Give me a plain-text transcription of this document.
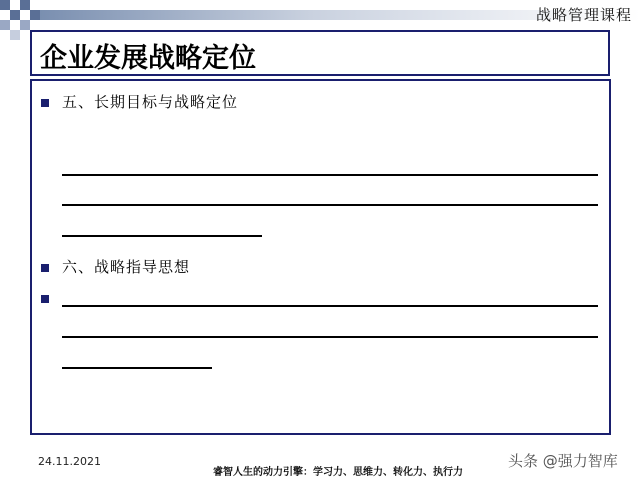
战略管理课程
企业发展战略定位
五、长期目标与战略定位
六、战略指导思想
24.11.2021
睿智人生的动力引擎：学习力、思维力、转化力、执行力
头条 @强力智库
